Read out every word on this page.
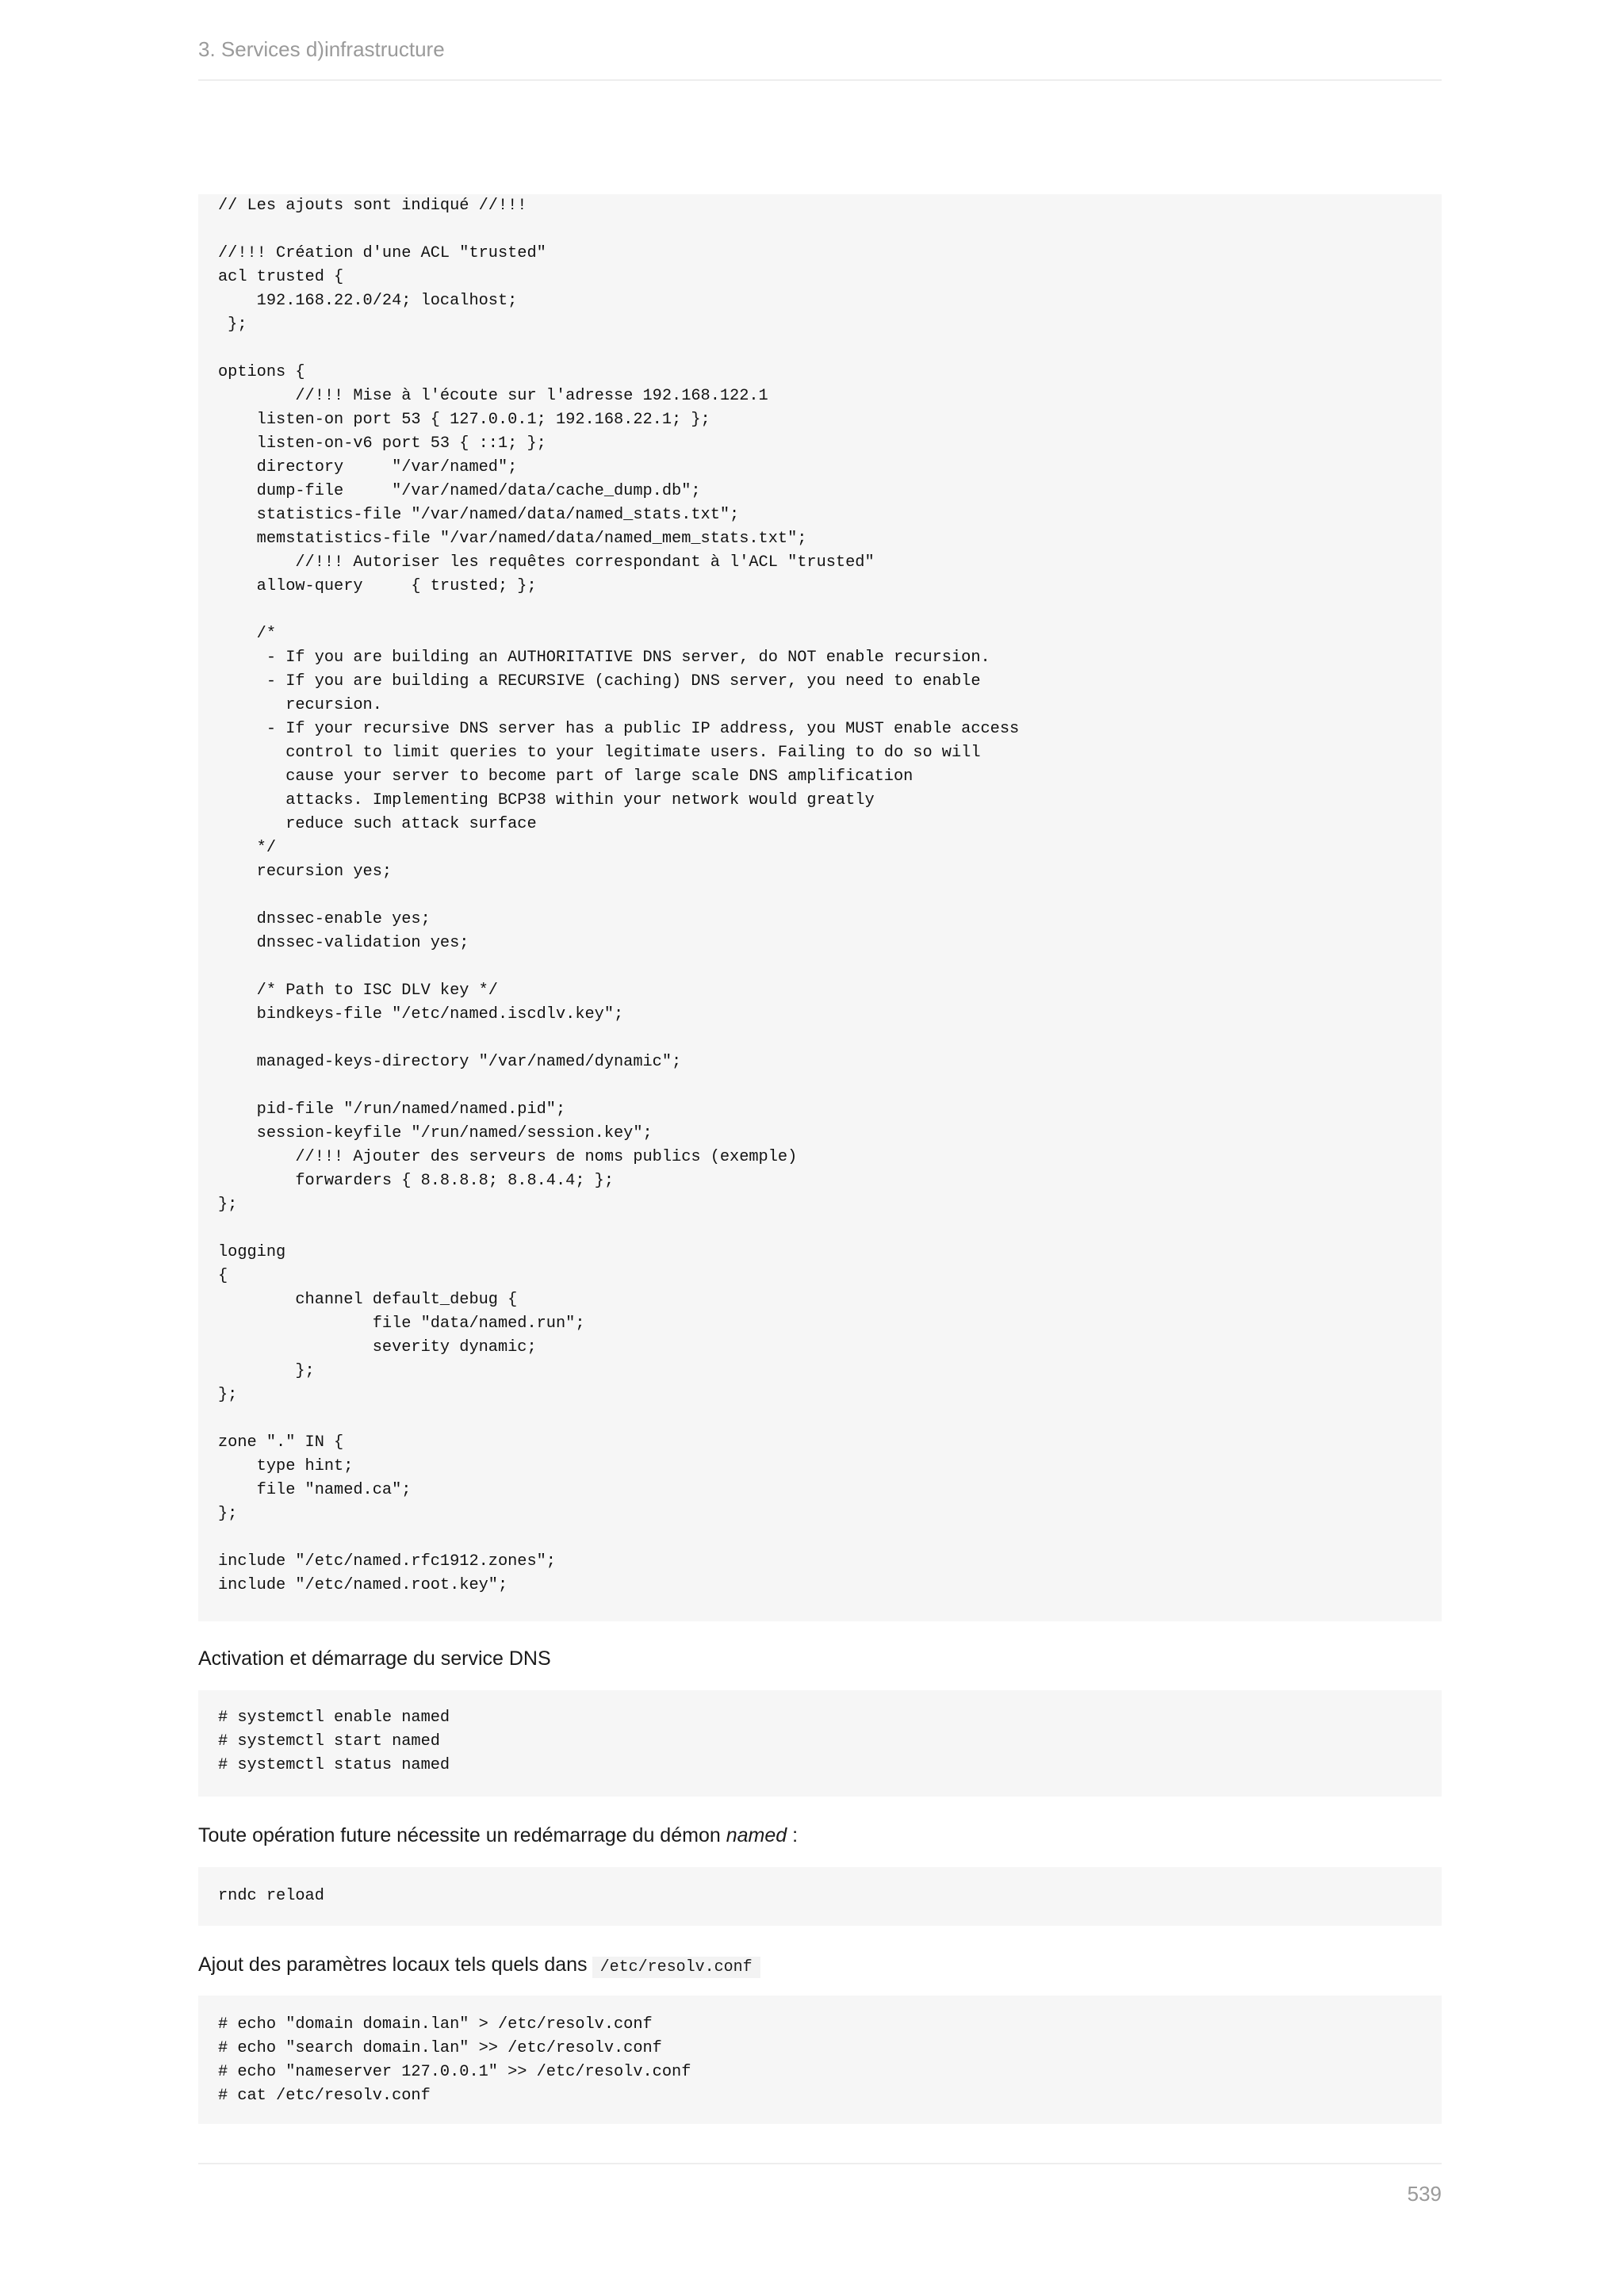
3. Services d)infrastructure
// Les ajouts sont indiqué //!!!

//!!! Création d'une ACL "trusted"
acl trusted {
192.168.22.0/24; localhost;
};

options {
//!!! Mise à l'écoute sur l'adresse 192.168.122.1
listen-on port 53 { 127.0.0.1; 192.168.22.1; };
listen-on-v6 port 53 { ::1; };
directory     "/var/named";
dump-file     "/var/named/data/cache_dump.db";
statistics-file "/var/named/data/named_stats.txt";
memstatistics-file "/var/named/data/named_mem_stats.txt";
//!!! Autoriser les requêtes correspondant à l'ACL "trusted"
allow-query     { trusted; };

/*
- If you are building an AUTHORITATIVE DNS server, do NOT enable recursion.
- If you are building a RECURSIVE (caching) DNS server, you need to enable
recursion.
- If your recursive DNS server has a public IP address, you MUST enable access
control to limit queries to your legitimate users. Failing to do so will
cause your server to become part of large scale DNS amplification
attacks. Implementing BCP38 within your network would greatly
reduce such attack surface
*/
recursion yes;

dnssec-enable yes;
dnssec-validation yes;

/* Path to ISC DLV key */
bindkeys-file "/etc/named.iscdlv.key";

managed-keys-directory "/var/named/dynamic";

pid-file "/run/named/named.pid";
session-keyfile "/run/named/session.key";
//!!! Ajouter des serveurs de noms publics (exemple)
forwarders { 8.8.8.8; 8.8.4.4; };
};

logging
{
channel default_debug {
file "data/named.run";
severity dynamic;
};
};

zone "." IN {
type hint;
file "named.ca";
};

include "/etc/named.rfc1912.zones";
include "/etc/named.root.key";
Activation et démarrage du service DNS
# systemctl enable named
# systemctl start named
# systemctl status named
Toute opération future nécessite un redémarrage du démon named :
rndc reload
Ajout des paramètres locaux tels quels dans /etc/resolv.conf
# echo "domain domain.lan" > /etc/resolv.conf
# echo "search domain.lan" >> /etc/resolv.conf
# echo "nameserver 127.0.0.1" >> /etc/resolv.conf
# cat /etc/resolv.conf
539
